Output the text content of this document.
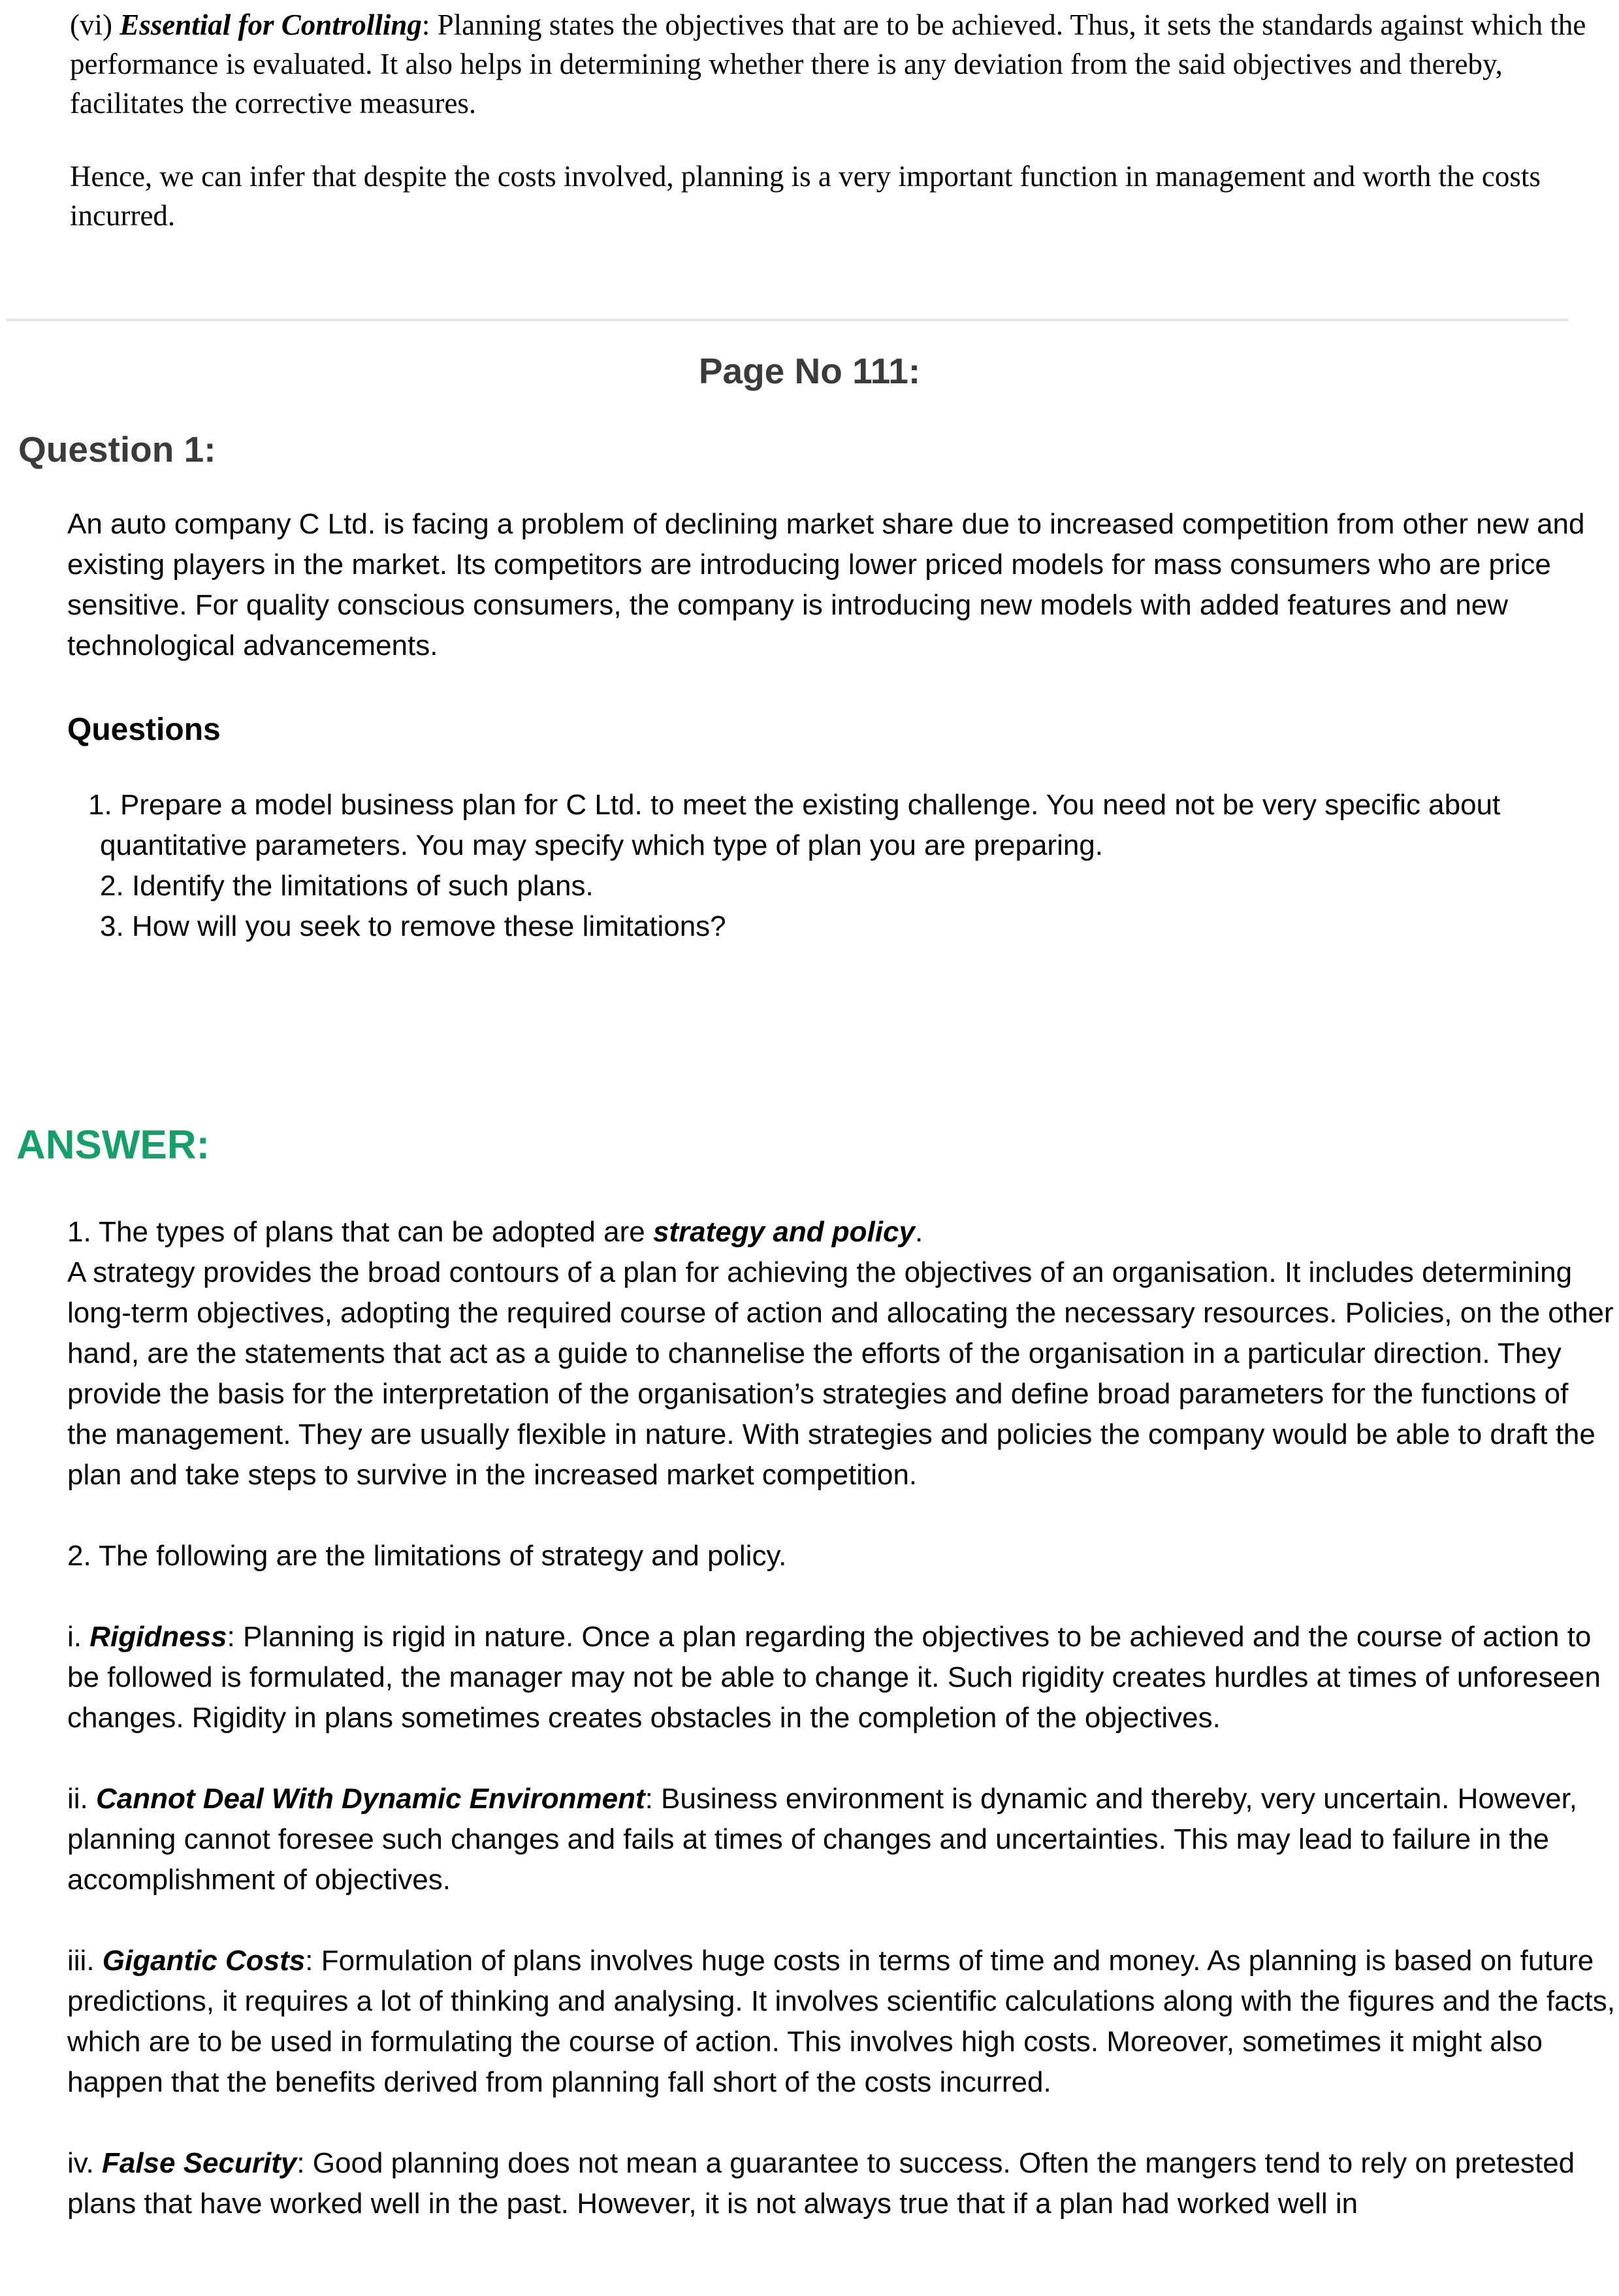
(vi) Essential for Controlling: Planning states the objectives that are to be achieved. Thus, it sets the standards against which the performance is evaluated. It also helps in determining whether there is any deviation from the said objectives and thereby, facilitates the corrective measures.

Hence, we can infer that despite the costs involved, planning is a very important function in management and worth the costs incurred.

Page No 111:
Question 1:

An auto company C Ltd. is facing a problem of declining market share due to increased competition from other new and existing players in the market. Its competitors are introducing lower priced models for mass consumers who are price sensitive. For quality conscious consumers, the company is introducing new models with added features and new technological advancements.

Questions
1. Prepare a model business plan for C Ltd. to meet the existing challenge. You need not be very specific about quantitative parameters. You may specify which type of plan you are preparing.
2. Identify the limitations of such plans.
3. How will you seek to remove these limitations?
ANSWER:

1. The types of plans that can be adopted are strategy and policy.
A strategy provides the broad contours of a plan for achieving the objectives of an organisation. It includes determining long-term objectives, adopting the required course of action and allocating the necessary resources. Policies, on the other hand, are the statements that act as a guide to channelise the efforts of the organisation in a particular direction. They provide the basis for the interpretation of the organisation’s strategies and define broad parameters for the functions of the management. They are usually flexible in nature. With strategies and policies the company would be able to draft the plan and take steps to survive in the increased market competition.

2. The following are the limitations of strategy and policy.

i. Rigidness: Planning is rigid in nature. Once a plan regarding the objectives to be achieved and the course of action to be followed is formulated, the manager may not be able to change it. Such rigidity creates hurdles at times of unforeseen changes. Rigidity in plans sometimes creates obstacles in the completion of the objectives.

ii. Cannot Deal With Dynamic Environment: Business environment is dynamic and thereby, very uncertain. However, planning cannot foresee such changes and fails at times of changes and uncertainties. This may lead to failure in the accomplishment of objectives.

iii. Gigantic Costs: Formulation of plans involves huge costs in terms of time and money. As planning is based on future predictions, it requires a lot of thinking and analysing. It involves scientific calculations along with the figures and the facts, which are to be used in formulating the course of action. This involves high costs. Moreover, sometimes it might also happen that the benefits derived from planning fall short of the costs incurred.

iv. False Security: Good planning does not mean a guarantee to success. Often the mangers tend to rely on pretested plans that have worked well in the past. However, it is not always true that if a plan had worked well in
